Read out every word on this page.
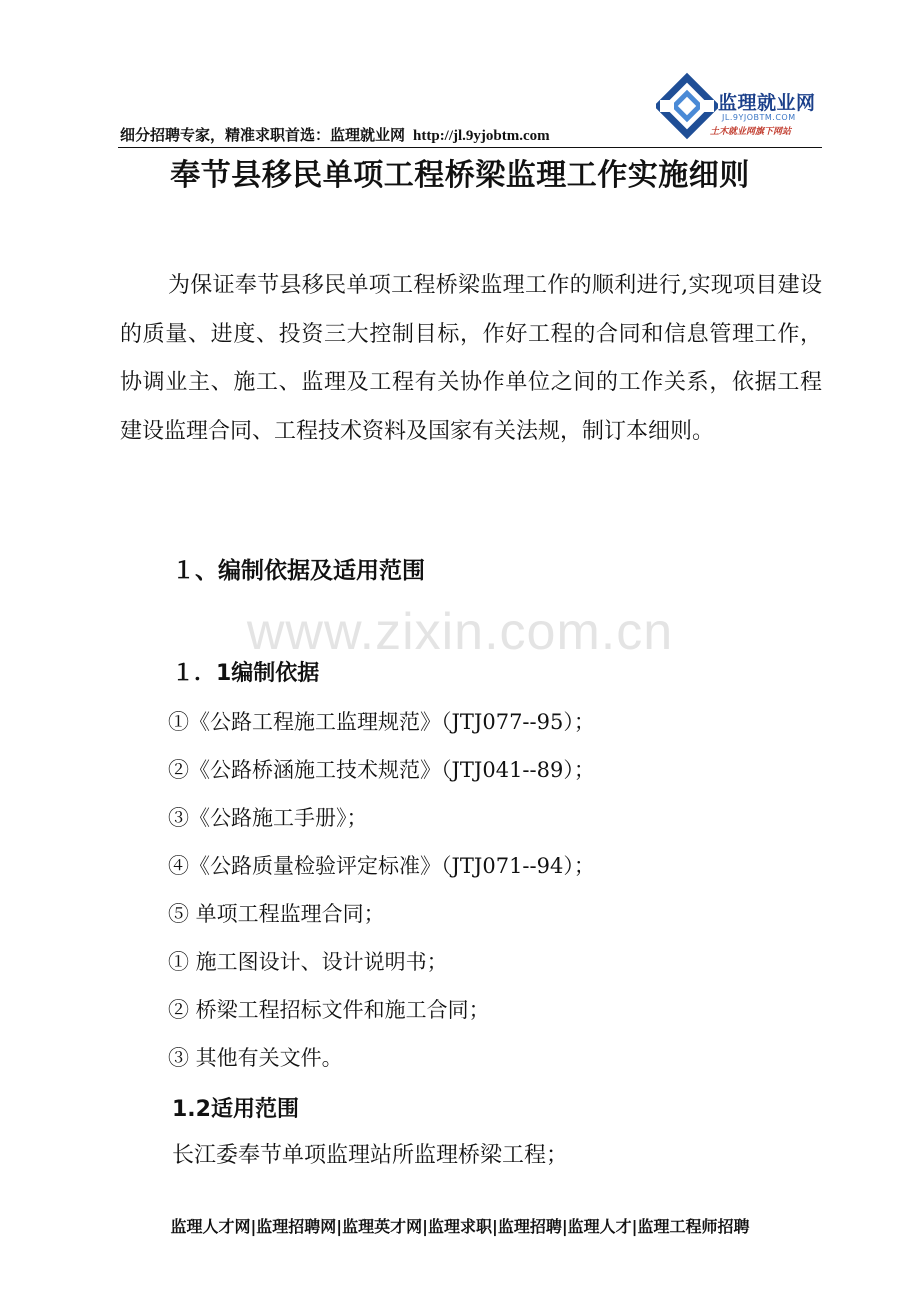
细分招聘专家，精准求职首选：监理就业网 http://jl.9yjobtm.com
监理就业网
JL.9YJOBTM.COM
土木就业网旗下网站
奉节县移民单项工程桥梁监理工作实施细则

为保证奉节县移民单项工程桥梁监理工作的顺利进行,实现项目建设的质量、进度、投资三大控制目标，作好工程的合同和信息管理工作，协调业主、施工、监理及工程有关协作单位之间的工作关系，依据工程建设监理合同、工程技术资料及国家有关法规，制订本细则。

１、编制依据及适用范围
www.zixin.com.cn
１．1编制依据
①《公路工程施工监理规范》（JTJ077--95）；
②《公路桥涵施工技术规范》（JTJ041--89）；
③《公路施工手册》；
④《公路质量检验评定标准》（JTJ071--94）；
⑤ 单项工程监理合同；
① 施工图设计、设计说明书；
② 桥梁工程招标文件和施工合同；
③ 其他有关文件。
1.2适用范围
长江委奉节单项监理站所监理桥梁工程；
监理人才网|监理招聘网|监理英才网|监理求职|监理招聘|监理人才|监理工程师招聘
